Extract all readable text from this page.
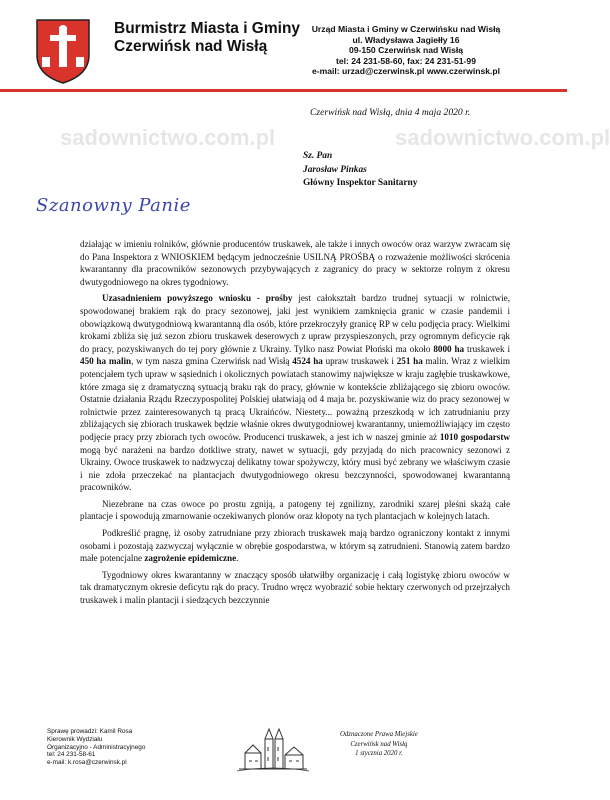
Burmistrz Miasta i Gminy
Czerwińsk nad Wisłą
Urząd Miasta i Gminy w Czerwińsku nad Wisłą
ul. Władysława Jagiełły 16
09-150 Czerwińsk nad Wisłą
tel: 24 231-58-60, fax: 24 231-51-99
e-mail: urzad@czerwinsk.pl www.czerwinsk.pl
sadownictwo.com.pl	sadownictwo.com.pl
Czerwińsk nad Wisłą, dnia 4 maja 2020 r.
Sz. Pan
Jarosław Pinkas
Główny Inspektor Sanitarny
Szanowny Panie

działając w imieniu rolników, głównie producentów truskawek, ale także i innych owoców oraz warzyw zwracam się do Pana Inspektora z WNIOSKIEM będącym jednocześnie USILNĄ PROŚBĄ o rozważenie możliwości skrócenia kwarantanny dla pracowników sezonowych przybywających z zagranicy do pracy w sektorze rolnym z okresu dwutygodniowego na okres tygodniowy.

Uzasadnieniem powyższego wniosku - prośby jest całokształt bardzo trudnej sytuacji w rolnictwie, spowodowanej brakiem rąk do pracy sezonowej, jaki jest wynikiem zamknięcia granic w czasie pandemii i obowiązkową dwutygodniową kwarantanną dla osób, które przekroczyły granicę RP w celu podjęcia pracy. Wielkimi krokami zbliża się już sezon zbioru truskawek deserowych z upraw przyspieszonych, przy ogromnym deficycie rąk do pracy, pozyskiwanych do tej pory głównie z Ukrainy. Tylko nasz Powiat Płoński ma około 8000 ha truskawek i 450 ha malin, w tym nasza gmina Czerwińsk nad Wisłą 4524 ha upraw truskawek i 251 ha malin. Wraz z wielkim potencjałem tych upraw w sąsiednich i okolicznych powiatach stanowimy największe w kraju zagłębie truskawkowe, które zmaga się z dramatyczną sytuacją braku rąk do pracy, głównie w kontekście zbliżającego się zbioru owoców. Ostatnie działania Rządu Rzeczypospolitej Polskiej ułatwiają od 4 maja br. pozyskiwanie wiz do pracy sezonowej w rolnictwie przez zainteresowanych tą pracą Ukraińców. Niestety... poważną przeszkodą w ich zatrudnianiu przy zbliżających się zbiorach truskawek będzie właśnie okres dwutygodniowej kwarantanny, uniemożliwiający im często podjęcie pracy przy zbiorach tych owoców. Producenci truskawek, a jest ich w naszej gminie aż 1010 gospodarstw mogą być narażeni na bardzo dotkliwe straty, nawet w sytuacji, gdy przyjadą do nich pracownicy sezonowi z Ukrainy. Owoce truskawek to nadzwyczaj delikatny towar spożywczy, który musi być zebrany we właściwym czasie i nie zdoła przeczekać na plantacjach dwutygodniowego okresu bezczynności, spowodowanej kwarantanną pracowników.

Niezebrane na czas owoce po prostu zgniją, a patogeny tej zgnilizny, zarodniki szarej pleśni skażą całe plantacje i spowodują zmarnowanie oczekiwanych plonów oraz kłopoty na tych plantacjach w kolejnych latach.

Podkreślić pragnę, iż osoby zatrudniane przy zbiorach truskawek mają bardzo ograniczony kontakt z innymi osobami i pozostają zazwyczaj wyłącznie w obrębie gospodarstwa, w którym są zatrudnieni. Stanowią zatem bardzo małe potencjalne zagrożenie epidemiczne.

Tygodniowy okres kwarantanny w znaczący sposób ułatwiłby organizację i całą logistykę zbioru owoców w tak dramatycznym okresie deficytu rąk do pracy. Trudno wręcz wyobrazić sobie hektary czerwonych od przejrzałych truskawek i malin plantacji i siedzących bezczynnie

Sprawę prowadzi: Kamil Rosa
Kierownik Wydziału
Organizacyjno - Administracyjnego
tel: 24 231-58-61
e-mail: k.rosa@czerwinsk.pl
Odznaczone Prawa Miejskie
Czerwińsk nad Wisłą
1 stycznia 2020 r.
